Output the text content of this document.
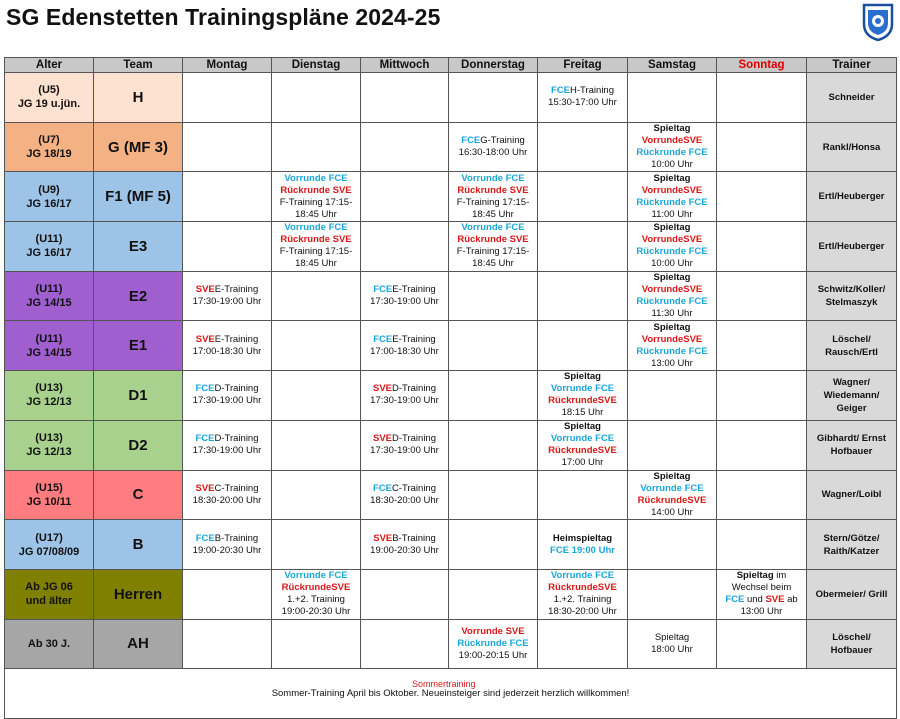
SG Edenstetten Trainingspläne 2024-25
Alter	Team	Montag	Dienstag	Mittwoch	Donnerstag	Freitag	Samstag	Sonntag	Trainer

(U5)
JG 19 u.jün.	H					FCEH-Training
15:30-17:00 Uhr			Schneider

(U7)
JG 18/19	G (MF 3)				FCEG-Training
16:30-18:00 Uhr		Spieltag
VorrundeSVE
Rückrunde FCE
10:00 Uhr		Rankl/Honsa

(U9)
JG 16/17	F1 (MF 5)		Vorrunde FCE
Rückrunde SVE
F-Training 17:15-
18:45 Uhr		Vorrunde FCE
Rückrunde SVE
F-Training 17:15-
18:45 Uhr		Spieltag
VorrundeSVE
Rückrunde FCE
11:00 Uhr		Ertl/Heuberger

(U11)
JG 16/17	E3		Vorrunde FCE
Rückrunde SVE
F-Training 17:15-
18:45 Uhr		Vorrunde FCE
Rückrunde SVE
F-Training 17:15-
18:45 Uhr		Spieltag
VorrundeSVE
Rückrunde FCE
10:00 Uhr		Ertl/Heuberger

(U11)
JG 14/15	E2	SVEE-Training
17:30-19:00 Uhr		FCEE-Training
17:30-19:00 Uhr			Spieltag
VorrundeSVE
Rückrunde FCE
11:30 Uhr		Schwitz/Koller/
Stelmaszyk

(U11)
JG 14/15	E1	SVEE-Training
17:00-18:30 Uhr		FCEE-Training
17:00-18:30 Uhr			Spieltag
VorrundeSVE
Rückrunde FCE
13:00 Uhr		Löschel/
Rausch/Ertl

(U13)
JG 12/13	D1	FCED-Training
17:30-19:00 Uhr		SVED-Training
17:30-19:00 Uhr		Spieltag
Vorrunde FCE
RückrundeSVE
18:15 Uhr			Wagner/
Wiedemann/
Geiger

(U13)
JG 12/13	D2	FCED-Training
17:30-19:00 Uhr		SVED-Training
17:30-19:00 Uhr		Spieltag
Vorrunde FCE
RückrundeSVE
17:00 Uhr			Gibhardt/ Ernst
Hofbauer

(U15)
JG 10/11	C	SVEC-Training
18:30-20:00 Uhr		FCEC-Training
18:30-20:00 Uhr			Spieltag
Vorrunde FCE
RückrundeSVE
14:00 Uhr		Wagner/Loibl

(U17)
JG 07/08/09	B	FCEB-Training
19:00-20:30 Uhr		SVEB-Training
19:00-20:30 Uhr		Heimspieltag
FCE 19:00 Uhr			Stern/Götze/
Raith/Katzer

Ab JG 06
und älter	Herren		Vorrunde FCE
RückrundeSVE
1.+2. Training
19:00-20:30 Uhr			Vorrunde FCE
RückrundeSVE
1.+2. Training
18:30-20:00 Uhr		Spieltag im
Wechsel beim
FCE und SVE ab
13:00 Uhr	Obermeier/ Grill

Ab 30 J.	AH				Vorrunde SVE
Rückrunde FCE
19:00-20:15 Uhr		Spieltag
18:00 Uhr		Löschel/
Hofbauer

Sommer-Training April bis Oktober. Neueinsteiger sind jederzeit herzlich willkommen!									
Sommertraining
